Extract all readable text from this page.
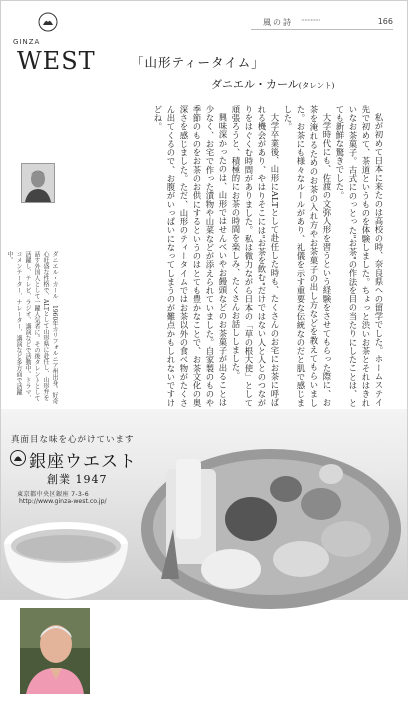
GINZA
WEST
風の詩 ············	166
「山形ティータイム」
ダニエル・カール(タレント)

私が初めて日本に来たのは高校の時、奈良県への留学でした。ホームステイ先で初めて、茶道というものを体験しました。ちょっと渋いお茶とそれはきれいなお茶菓子。古式にのっとった"お茶"の作法を目の当たりにしたことは、とても新鮮な驚きでした。

大学時代にも、佐渡の文弥人形を習うという経験をさせてもらった際に、お茶を淹れるためのお茶の入れ方やお茶菓子の出し方などを教えてもらいました。お茶にも様々なルールがあり、礼儀を示す重要な伝統なのだと肌で感じました。

大学卒業後、山形にALTとして赴任した時も、たくさんのお宅にお茶に呼ばれる機会があり、やはりそこには"お茶を飲む"だけではない人と人とのつながりをはぐくむ時間がありました。私は微力ながら日本の「草の根大使」として頑張ろうと、積極的にお茶の時間を楽しみ、たくさんお話ししました。

興味深かったのは、山形ではせんべいやお饅頭などのお茶菓子が出ることは少なく、お宅で作った漬物や山菜などが添えられていました。自家製のものや季節のものをお茶のお供にするというのはとても豊かなことで、お茶文化の奥深さを感じました。ただ、山形のティータイムではお茶以外の食べ物がたくさん出てくるので、お腹がいっぱいになってしまうのが難点かもしれないですけどね。

ダニエル・カール　1960年カリフォルニア州出身。好奇心旺盛な性格で、ALTとして山形県に赴任し、山形弁を話す外国人として一躍人気者に。その後タレントとして活躍し、テレビ、ラジオ、講演などで活動中。ドラマ、コメンテーター、ナレーター、講演など多方面で活躍中。
真面目な味を心がけています
銀座ウエスト
創業 1947
東京都中央区銀座 7-3-6
http://www.ginza-west.co.jp/
